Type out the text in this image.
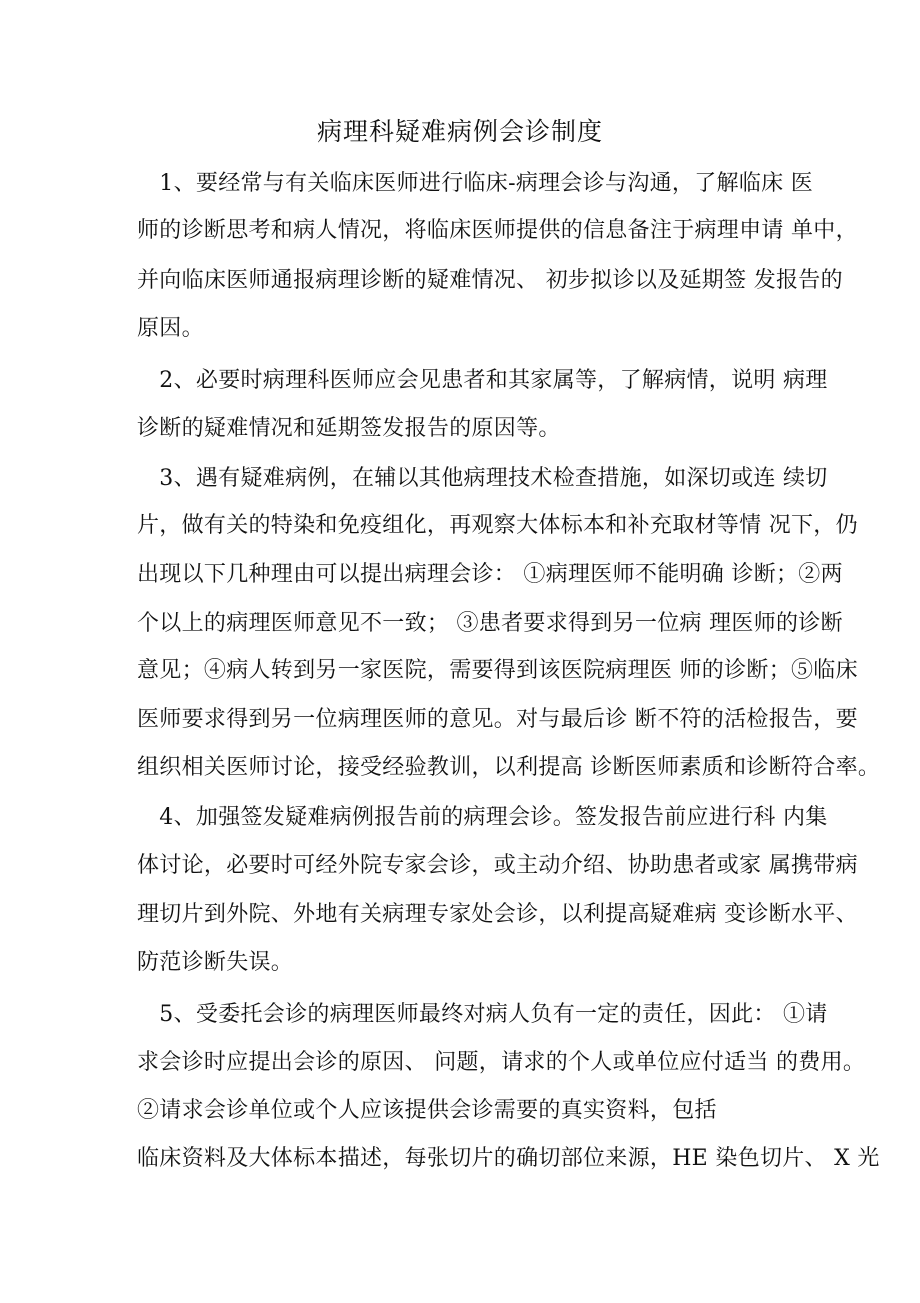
病理科疑难病例会诊制度
　1、要经常与有关临床医师进行临床-病理会诊与沟通，了解临床 医
师的诊断思考和病人情况，将临床医师提供的信息备注于病理申请 单中，
并向临床医师通报病理诊断的疑难情况、 初步拟诊以及延期签 发报告的
原因。
　2、必要时病理科医师应会见患者和其家属等，了解病情，说明 病理
诊断的疑难情况和延期签发报告的原因等。
　3、遇有疑难病例，在辅以其他病理技术检查措施，如深切或连 续切
片，做有关的特染和免疫组化，再观察大体标本和补充取材等情 况下，仍
出现以下几种理由可以提出病理会诊： ①病理医师不能明确 诊断；②两
个以上的病理医师意见不一致； ③患者要求得到另一位病 理医师的诊断
意见；④病人转到另一家医院，需要得到该医院病理医 师的诊断；⑤临床
医师要求得到另一位病理医师的意见。对与最后诊 断不符的活检报告，要
组织相关医师讨论，接受经验教训，以利提高 诊断医师素质和诊断符合率。
　4、加强签发疑难病例报告前的病理会诊。签发报告前应进行科 内集
体讨论，必要时可经外院专家会诊，或主动介绍、协助患者或家 属携带病
理切片到外院、外地有关病理专家处会诊，以利提高疑难病 变诊断水平、
防范诊断失误。
　5、受委托会诊的病理医师最终对病人负有一定的责任，因此： ①请
求会诊时应提出会诊的原因、 问题，请求的个人或单位应付适当 的费用。
②请求会诊单位或个人应该提供会诊需要的真实资料，包括
临床资料及大体标本描述，每张切片的确切部位来源，HE 染色切片、 X 光
